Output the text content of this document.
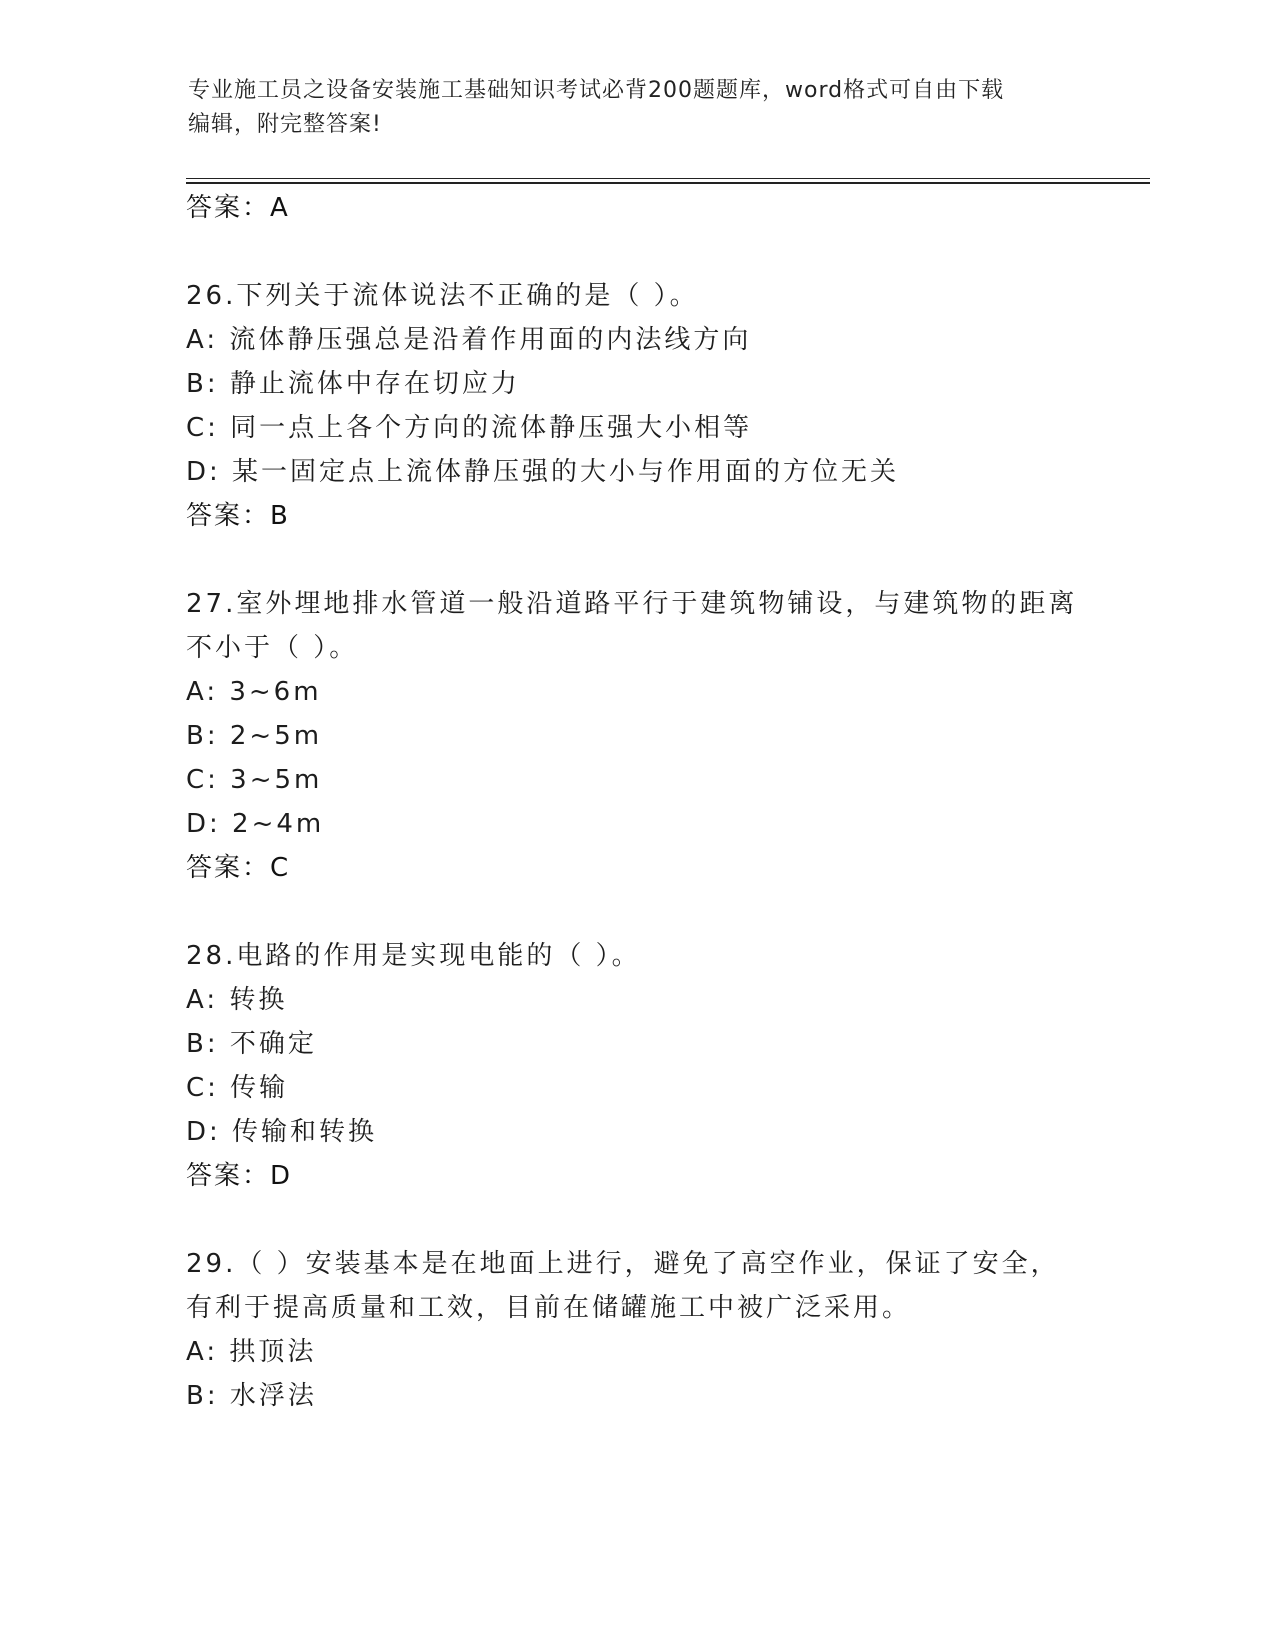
专业施工员之设备安装施工基础知识考试必背200题题库，word格式可自由下载
编辑，附完整答案!
答案：A
26.下列关于流体说法不正确的是（ ）。
A: 流体静压强总是沿着作用面的内法线方向
B: 静止流体中存在切应力
C: 同一点上各个方向的流体静压强大小相等
D: 某一固定点上流体静压强的大小与作用面的方位无关
答案：B
27.室外埋地排水管道一般沿道路平行于建筑物铺设，与建筑物的距离
不小于（ ）。
A: 3~6m
B: 2~5m
C: 3~5m
D: 2~4m
答案：C
28.电路的作用是实现电能的（ ）。
A: 转换
B: 不确定
C: 传输
D: 传输和转换
答案：D
29.（ ）安装基本是在地面上进行，避免了高空作业，保证了安全，
有利于提高质量和工效，目前在储罐施工中被广泛采用。
A: 拱顶法
B: 水浮法
